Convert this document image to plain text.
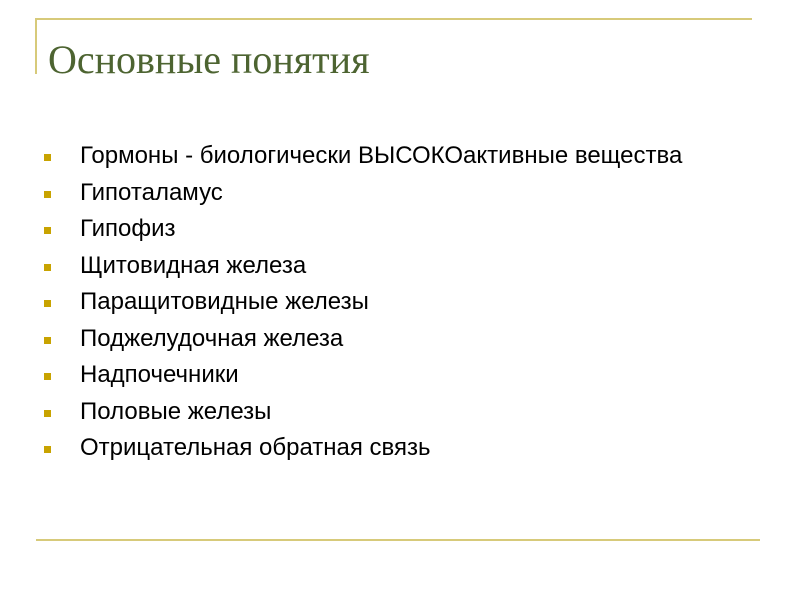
Основные понятия
Гормоны - биологически ВЫСОКОактивные вещества
Гипоталамус
Гипофиз
Щитовидная железа
Паращитовидные железы
Поджелудочная железа
Надпочечники
Половые железы
Отрицательная обратная связь
